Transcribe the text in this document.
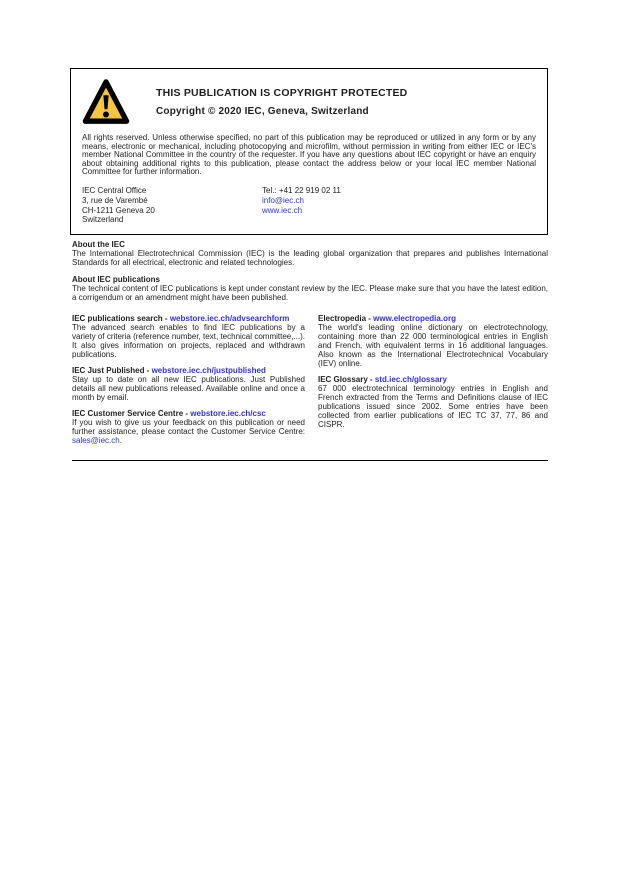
THIS PUBLICATION IS COPYRIGHT PROTECTED
Copyright © 2020 IEC, Geneva, Switzerland
All rights reserved. Unless otherwise specified, no part of this publication may be reproduced or utilized in any form or by any means, electronic or mechanical, including photocopying and microfilm, without permission in writing from either IEC or IEC's member National Committee in the country of the requester. If you have any questions about IEC copyright or have an enquiry about obtaining additional rights to this publication, please contact the address below or your local IEC member National Committee for further information.
IEC Central Office
3, rue de Varembé
CH-1211 Geneva 20
Switzerland
Tel.: +41 22 919 02 11
info@iec.ch
www.iec.ch
About the IEC
The International Electrotechnical Commission (IEC) is the leading global organization that prepares and publishes International Standards for all electrical, electronic and related technologies.
About IEC publications
The technical content of IEC publications is kept under constant review by the IEC. Please make sure that you have the latest edition, a corrigendum or an amendment might have been published.
IEC publications search - webstore.iec.ch/advsearchform
The advanced search enables to find IEC publications by a variety of criteria (reference number, text, technical committee,...). It also gives information on projects, replaced and withdrawn publications.
IEC Just Published - webstore.iec.ch/justpublished
Stay up to date on all new IEC publications. Just Published details all new publications released. Available online and once a month by email.
IEC Customer Service Centre - webstore.iec.ch/csc
If you wish to give us your feedback on this publication or need further assistance, please contact the Customer Service Centre: sales@iec.ch.
Electropedia - www.electropedia.org
The world's leading online dictionary on electrotechnology, containing more than 22 000 terminological entries in English and French, with equivalent terms in 16 additional languages. Also known as the International Electrotechnical Vocabulary (IEV) online.
IEC Glossary - std.iec.ch/glossary
67 000 electrotechnical terminology entries in English and French extracted from the Terms and Definitions clause of IEC publications issued since 2002. Some entries have been collected from earlier publications of IEC TC 37, 77, 86 and CISPR.
